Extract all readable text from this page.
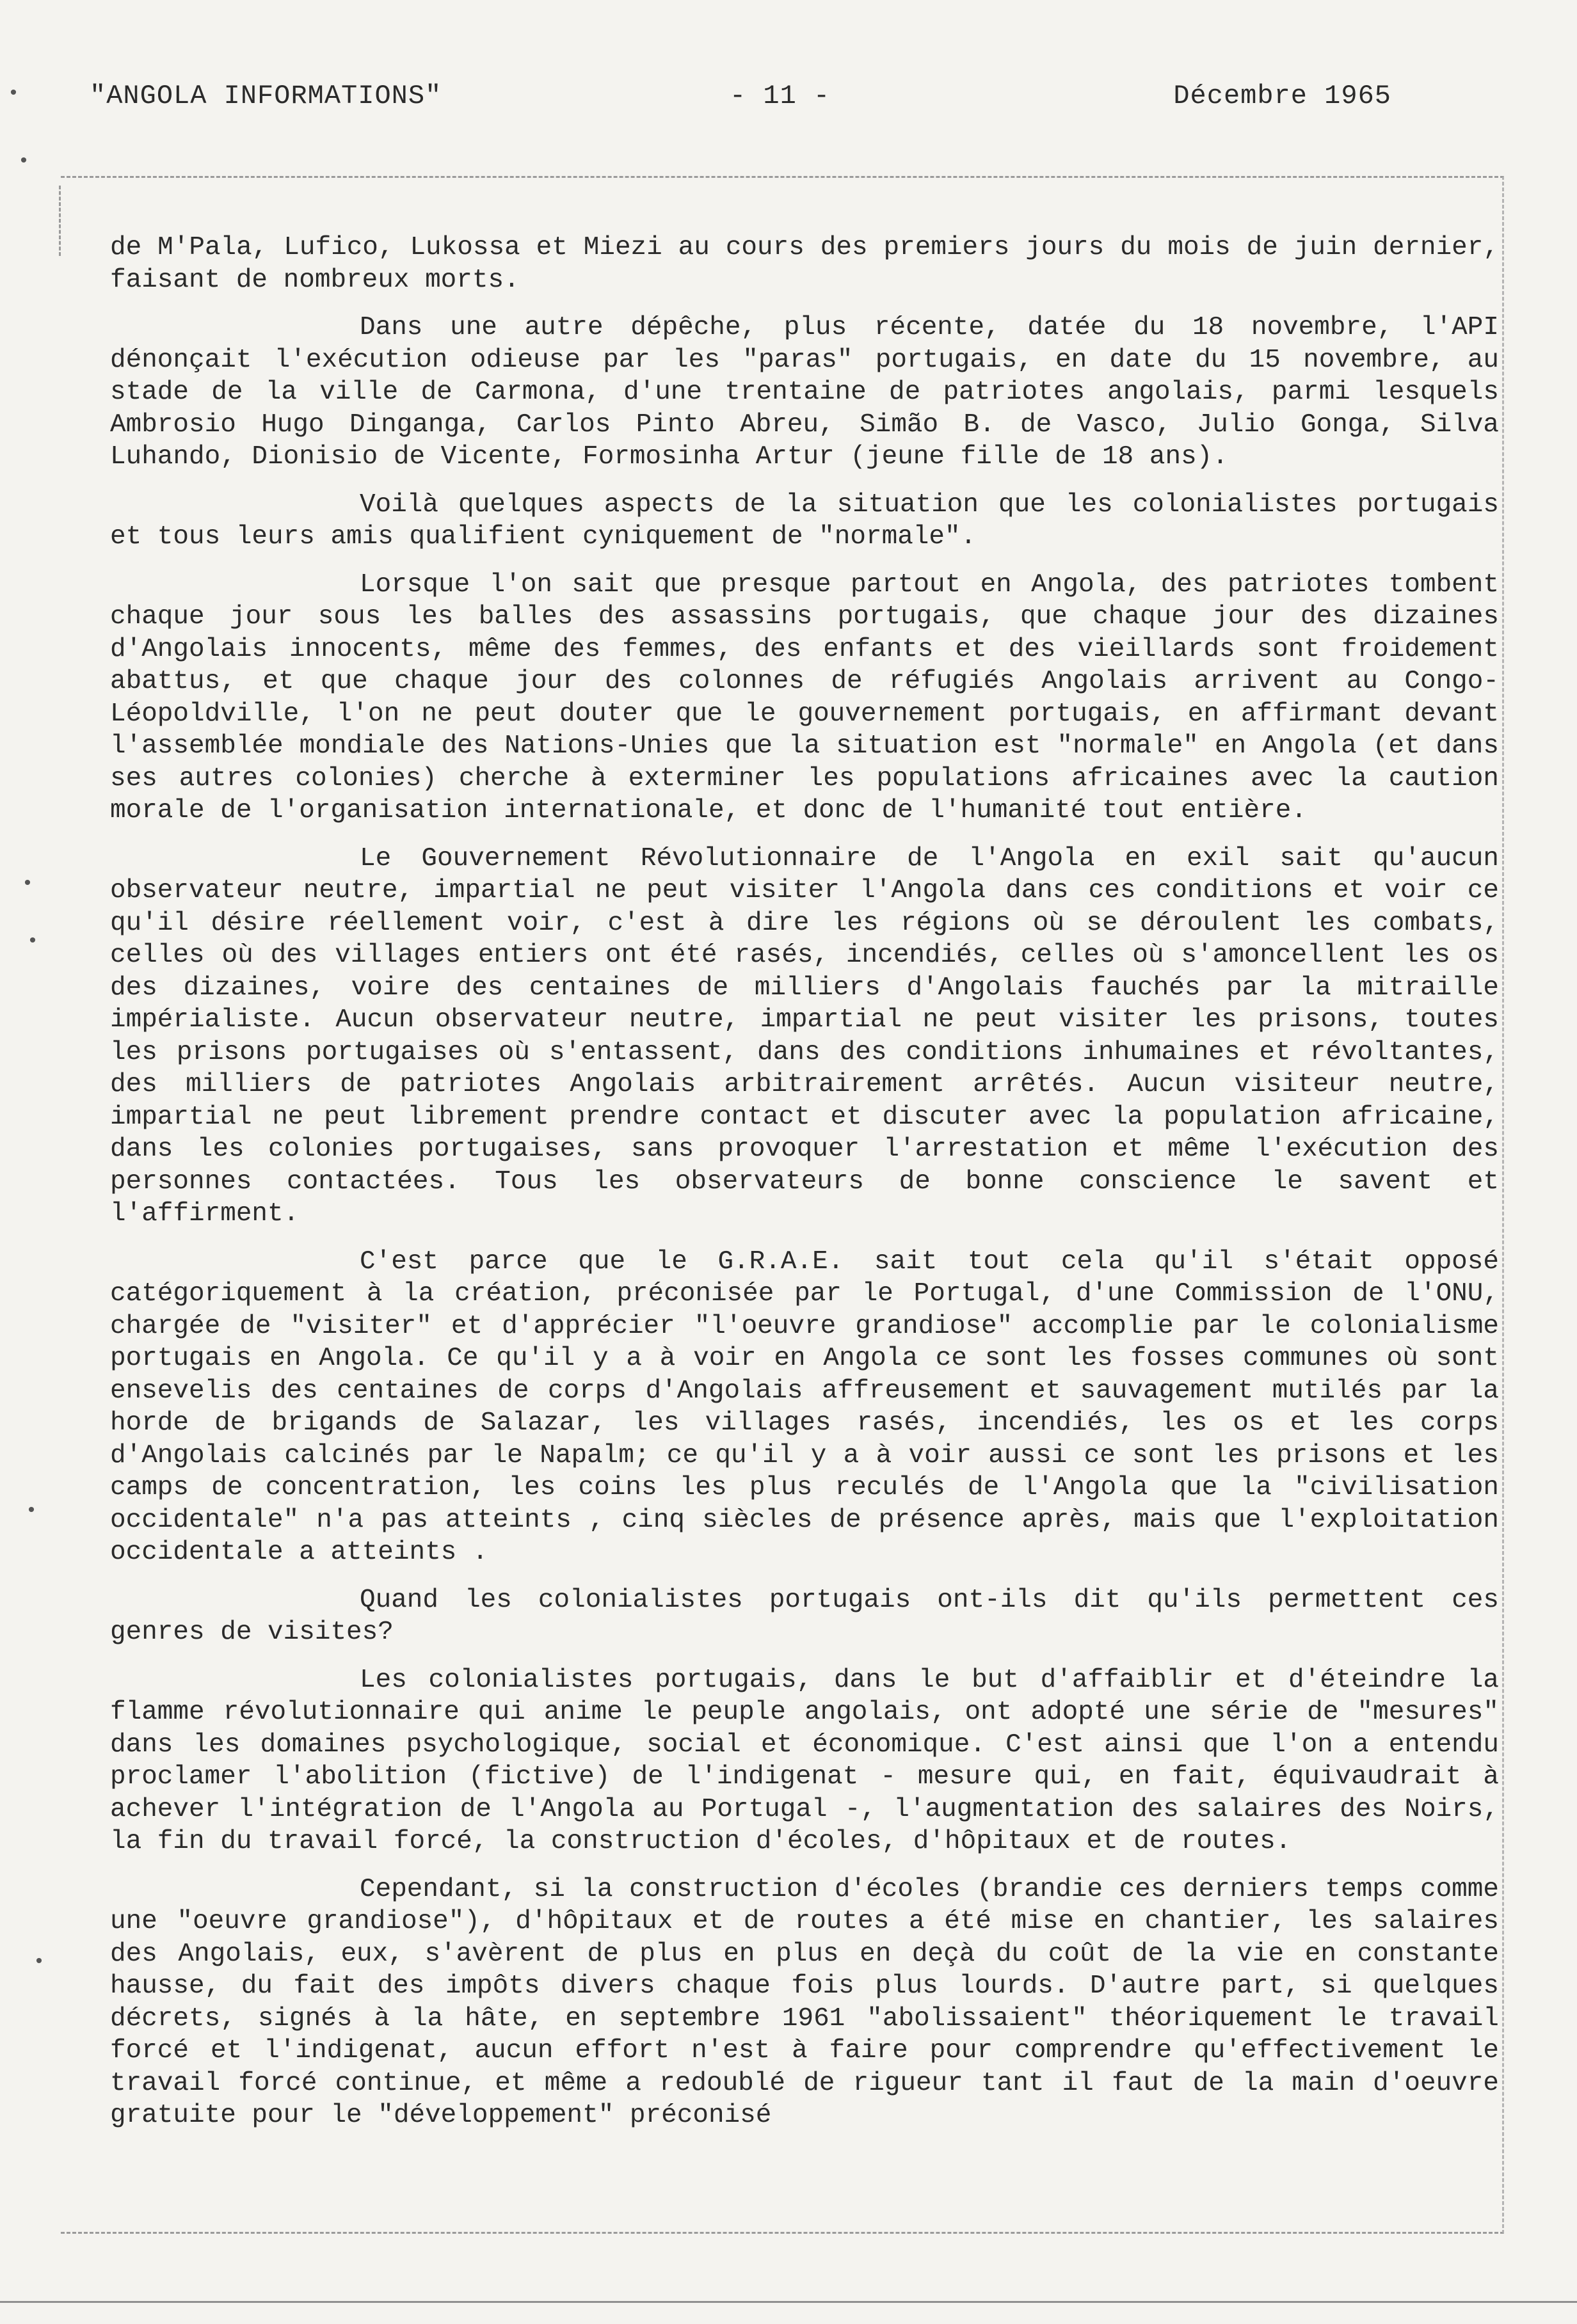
"ANGOLA INFORMATIONS"	- 11 -	Décembre 1965
•
•
•
•
•
•

de M'Pala, Lufico, Lukossa et Miezi au cours des premiers jours du mois de juin dernier, faisant de nombreux morts.

Dans une autre dépêche, plus récente, datée du 18 novembre, l'API dénonçait l'exécution odieuse par les "paras" portugais, en date du 15 novembre, au stade de la ville de Carmona, d'une trentaine de patriotes angolais, parmi lesquels Ambrosio Hugo Dinganga, Carlos Pinto Abreu, Simão B. de Vasco, Julio Gonga, Silva Luhando, Dionisio de Vicente, Formosinha Artur (jeune fille de 18 ans).

Voilà quelques aspects de la situation que les colonialistes portugais et tous leurs amis qualifient cyniquement de "normale".

Lorsque l'on sait que presque partout en Angola, des patriotes tombent chaque jour sous les balles des assassins portugais, que chaque jour des dizaines d'Angolais innocents, même des femmes, des enfants et des vieillards sont froidement abattus, et que chaque jour des colonnes de réfugiés Angolais arrivent au Congo-Léopoldville, l'on ne peut douter que le gouvernement portugais, en affirmant devant l'assemblée mondiale des Nations-Unies que la situation est "normale" en Angola (et dans ses autres colonies) cherche à exterminer les populations africaines avec la caution morale de l'organisation internationale, et donc de l'humanité tout entière.

Le Gouvernement Révolutionnaire de l'Angola en exil sait qu'aucun observateur neutre, impartial ne peut visiter l'Angola dans ces conditions et voir ce qu'il désire réellement voir, c'est à dire les régions où se déroulent les combats, celles où des villages entiers ont été rasés, incendiés, celles où s'amoncellent les os des dizaines, voire des centaines de milliers d'Angolais fauchés par la mitraille impérialiste. Aucun observateur neutre, impartial ne peut visiter les prisons, toutes les prisons portugaises où s'entassent, dans des conditions inhumaines et révoltantes, des milliers de patriotes Angolais arbitrairement arrêtés. Aucun visiteur neutre, impartial ne peut librement prendre contact et discuter avec la population africaine, dans les colonies portugaises, sans provoquer l'arrestation et même l'exécution des personnes contactées. Tous les observateurs de bonne conscience le savent et l'affirment.

C'est parce que le G.R.A.E. sait tout cela qu'il s'était opposé catégoriquement à la création, préconisée par le Portugal, d'une Commission de l'ONU, chargée de "visiter" et d'apprécier "l'oeuvre grandiose" accomplie par le colonialisme portugais en Angola. Ce qu'il y a à voir en Angola ce sont les fosses communes où sont ensevelis des centaines de corps d'Angolais affreusement et sauvagement mutilés par la horde de brigands de Salazar, les villages rasés, incendiés, les os et les corps d'Angolais calcinés par le Napalm; ce qu'il y a à voir aussi ce sont les prisons et les camps de concentration, les coins les plus reculés de l'Angola que la "civilisation occidentale" n'a pas atteints , cinq siècles de présence après, mais que l'exploitation occidentale a atteints .

Quand les colonialistes portugais ont-ils dit qu'ils permettent ces genres de visites?

Les colonialistes portugais, dans le but d'affaiblir et d'éteindre la flamme révolutionnaire qui anime le peuple angolais, ont adopté une série de "mesures" dans les domaines psychologique, social et économique. C'est ainsi que l'on a entendu proclamer l'abolition (fictive) de l'indigenat - mesure qui, en fait, équivaudrait à achever l'intégration de l'Angola au Portugal -, l'augmentation des salaires des Noirs, la fin du travail forcé, la construction d'écoles, d'hôpitaux et de routes.

Cependant, si la construction d'écoles (brandie ces derniers temps comme une "oeuvre grandiose"), d'hôpitaux et de routes a été mise en chantier, les salaires des Angolais, eux, s'avèrent de plus en plus en deçà du coût de la vie en constante hausse, du fait des impôts divers chaque fois plus lourds. D'autre part, si quelques décrets, signés à la hâte, en septembre 1961 "abolissaient" théoriquement le travail forcé et l'indigenat, aucun effort n'est à faire pour comprendre qu'effectivement le travail forcé continue, et même a redoublé de rigueur tant il faut de la main d'oeuvre gratuite pour le "développement" préconisé
